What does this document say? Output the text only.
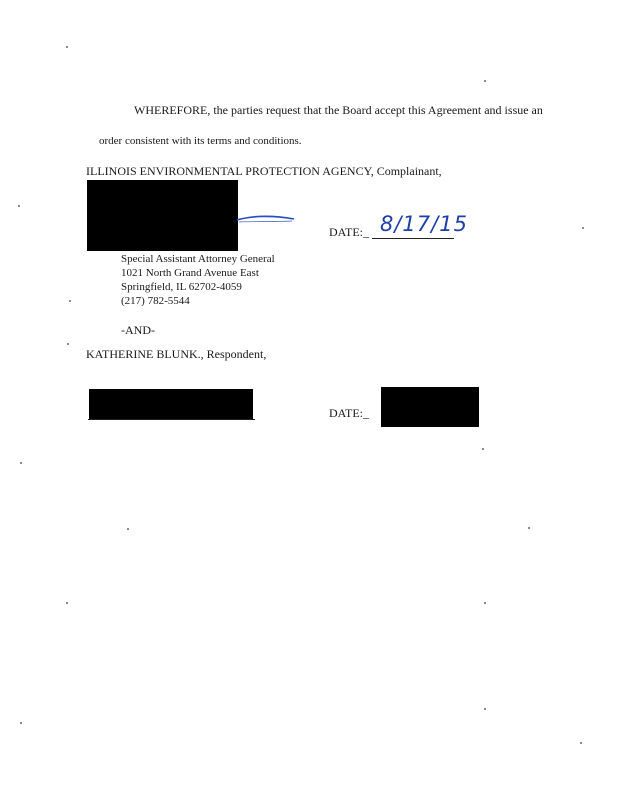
WHEREFORE, the parties request that the Board accept this Agreement and issue an
order consistent with its terms and conditions.
ILLINOIS ENVIRONMENTAL PROTECTION AGENCY, Complainant,
DATE:_ 8/17/15
Special Assistant Attorney General
1021 North Grand Avenue East
Springfield, IL 62702-4059
(217) 782-5544
-AND-
KATHERINE BLUNK., Respondent,
DATE:_
